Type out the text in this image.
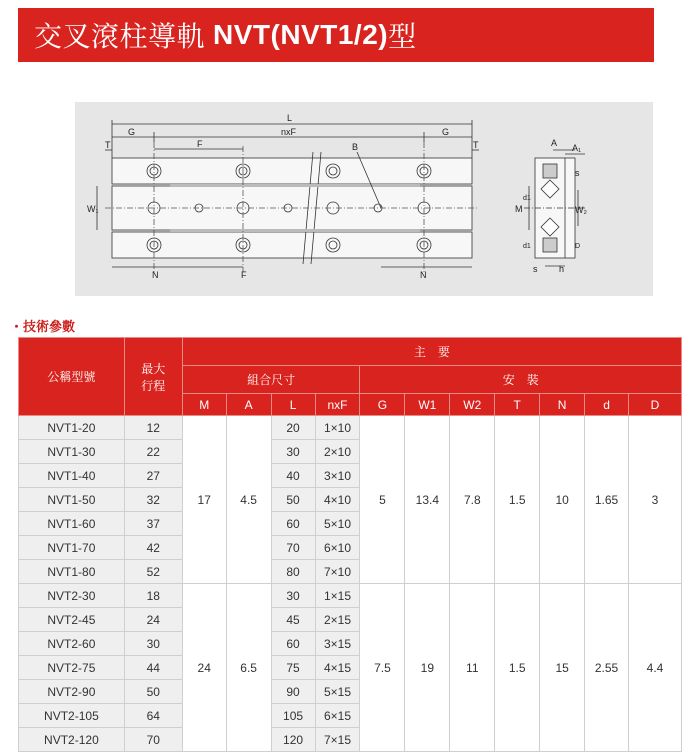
交叉滾柱導軌 NVT(NVT1/2) 型
L
G	nxF	G
T	T
F	B
W₁
N	F	N
A A₁
s
W₂
M
d1
d1	D
s h
・技術參數
公稱型號	最大行程	主　要										
		組合尺寸				安　裝						
		M	A	L	nxF	G	W1	W2	T	N	d	D
NVT1-20	12	17	4.5	20	1×10	5	13.4	7.8	1.5	10	1.65	3
NVT1-30	22			30	2×10							
NVT1-40	27			40	3×10							
NVT1-50	32			50	4×10							
NVT1-60	37			60	5×10							
NVT1-70	42			70	6×10							
NVT1-80	52			80	7×10							
NVT2-30	18	24	6.5	30	1×15	7.5	19	11	1.5	15	2.55	4.4
NVT2-45	24			45	2×15							
NVT2-60	30			60	3×15							
NVT2-75	44			75	4×15							
NVT2-90	50			90	5×15							
NVT2-105	64			105	6×15							
NVT2-120	70			120	7×15							
